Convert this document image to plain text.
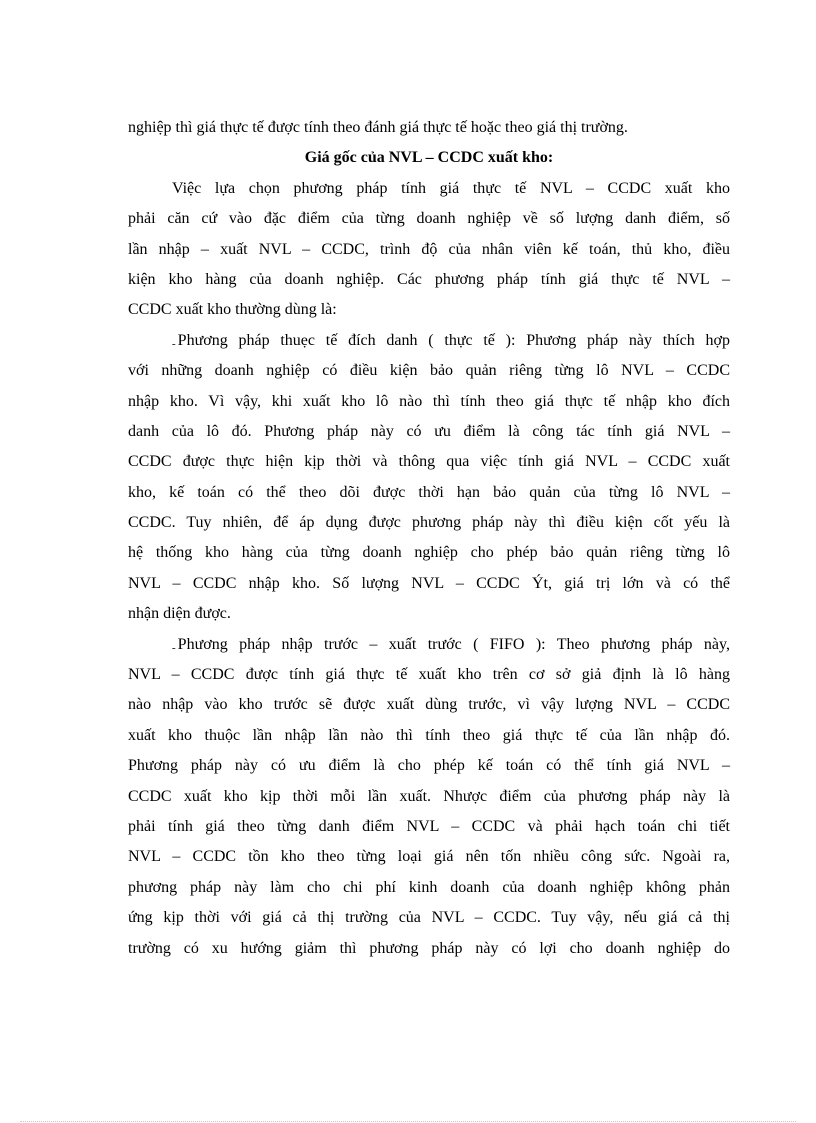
nghiệp thì giá thực tế được tính theo đánh giá thực tế hoặc theo giá thị trường.
Giá gốc của NVL – CCDC xuất kho:
Việc lựa chọn phương pháp tính giá thực tế NVL – CCDC xuất kho
phải căn cứ vào đặc điểm của từng doanh nghiệp về số lượng danh điểm, số
lần nhập – xuất NVL – CCDC, trình độ của nhân viên kế toán, thủ kho, điều
kiện kho hàng của doanh nghiệp. Các phương pháp tính giá thực tế NVL –
CCDC xuất kho thường dùng là:
- Phương pháp thuẹc tế đích danh ( thực tế ): Phương pháp này thích hợp
với những doanh nghiệp có điều kiện bảo quản riêng từng lô NVL – CCDC
nhập kho. Vì vậy, khi xuất kho lô nào thì tính theo giá thực tế nhập kho đích
danh của lô đó. Phương pháp này có ưu điểm là công tác tính giá NVL –
CCDC được thực hiện kịp thời và thông qua việc tính giá NVL – CCDC xuất
kho, kế toán có thể theo dõi được thời hạn bảo quản của từng lô NVL –
CCDC. Tuy nhiên, để áp dụng được phương pháp này thì điều kiện cốt yếu là
hệ thống kho hàng của từng doanh nghiệp cho phép bảo quản riêng từng lô
NVL – CCDC nhập kho. Số lượng NVL – CCDC Ýt, giá trị lớn và có thể
nhận diện được.
- Phương pháp nhập trước – xuất trước ( FIFO ): Theo phương pháp này,
NVL – CCDC được tính giá thực tế xuất kho trên cơ sở giả định là lô hàng
nào nhập vào kho trước sẽ được xuất dùng trước, vì vậy lượng NVL – CCDC
xuất kho thuộc lần nhập lần nào thì tính theo giá thực tế của lần nhập đó.
Phương pháp này có ưu điểm là cho phép kế toán có thể tính giá NVL –
CCDC xuất kho kịp thời mỗi lần xuất. Nhược điểm của phương pháp này là
phải tính giá theo từng danh điểm NVL – CCDC và phải hạch toán chi tiết
NVL – CCDC tồn kho theo từng loại giá nên tốn nhiều công sức. Ngoài ra,
phương pháp này làm cho chi phí kinh doanh của doanh nghiệp không phản
ứng kịp thời với giá cả thị trường của NVL – CCDC. Tuy vậy, nếu giá cả thị
trường có xu hướng giảm thì phương pháp này có lợi cho doanh nghiệp do
